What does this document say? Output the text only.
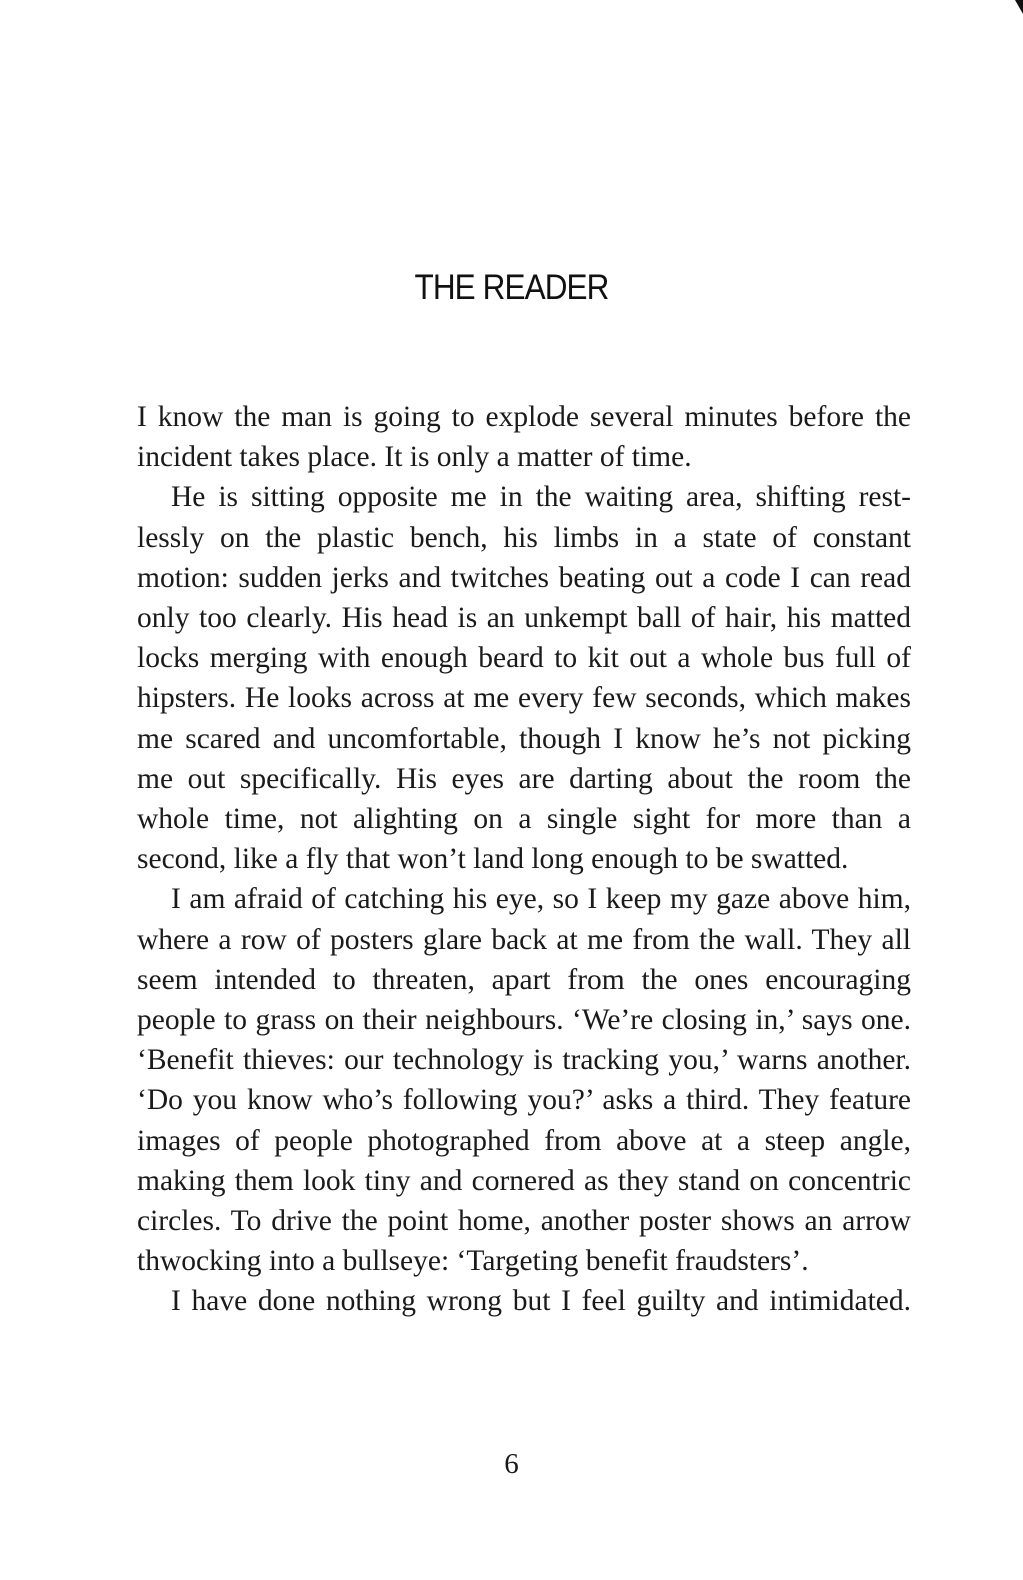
THE READER

I know the man is going to explode several minutes before the incident takes place. It is only a matter of time.

He is sitting opposite me in the waiting area, shifting restlessly on the plastic bench, his limbs in a state of constant motion: sudden jerks and twitches beating out a code I can read only too clearly. His head is an unkempt ball of hair, his matted locks merging with enough beard to kit out a whole bus full of hipsters. He looks across at me every few seconds, which makes me scared and uncomfortable, though I know he’s not picking me out specifically. His eyes are darting about the room the whole time, not alighting on a single sight for more than a second, like a fly that won’t land long enough to be swatted.

I am afraid of catching his eye, so I keep my gaze above him, where a row of posters glare back at me from the wall. They all seem intended to threaten, apart from the ones encouraging people to grass on their neighbours. ‘We’re closing in,’ says one. ‘Benefit thieves: our technology is tracking you,’ warns another. ‘Do you know who’s following you?’ asks a third. They feature images of people photographed from above at a steep angle, making them look tiny and cornered as they stand on concentric circles. To drive the point home, another poster shows an arrow thwocking into a bullseye: ‘Targeting benefit fraudsters’.

I have done nothing wrong but I feel guilty and intimidated.

6
